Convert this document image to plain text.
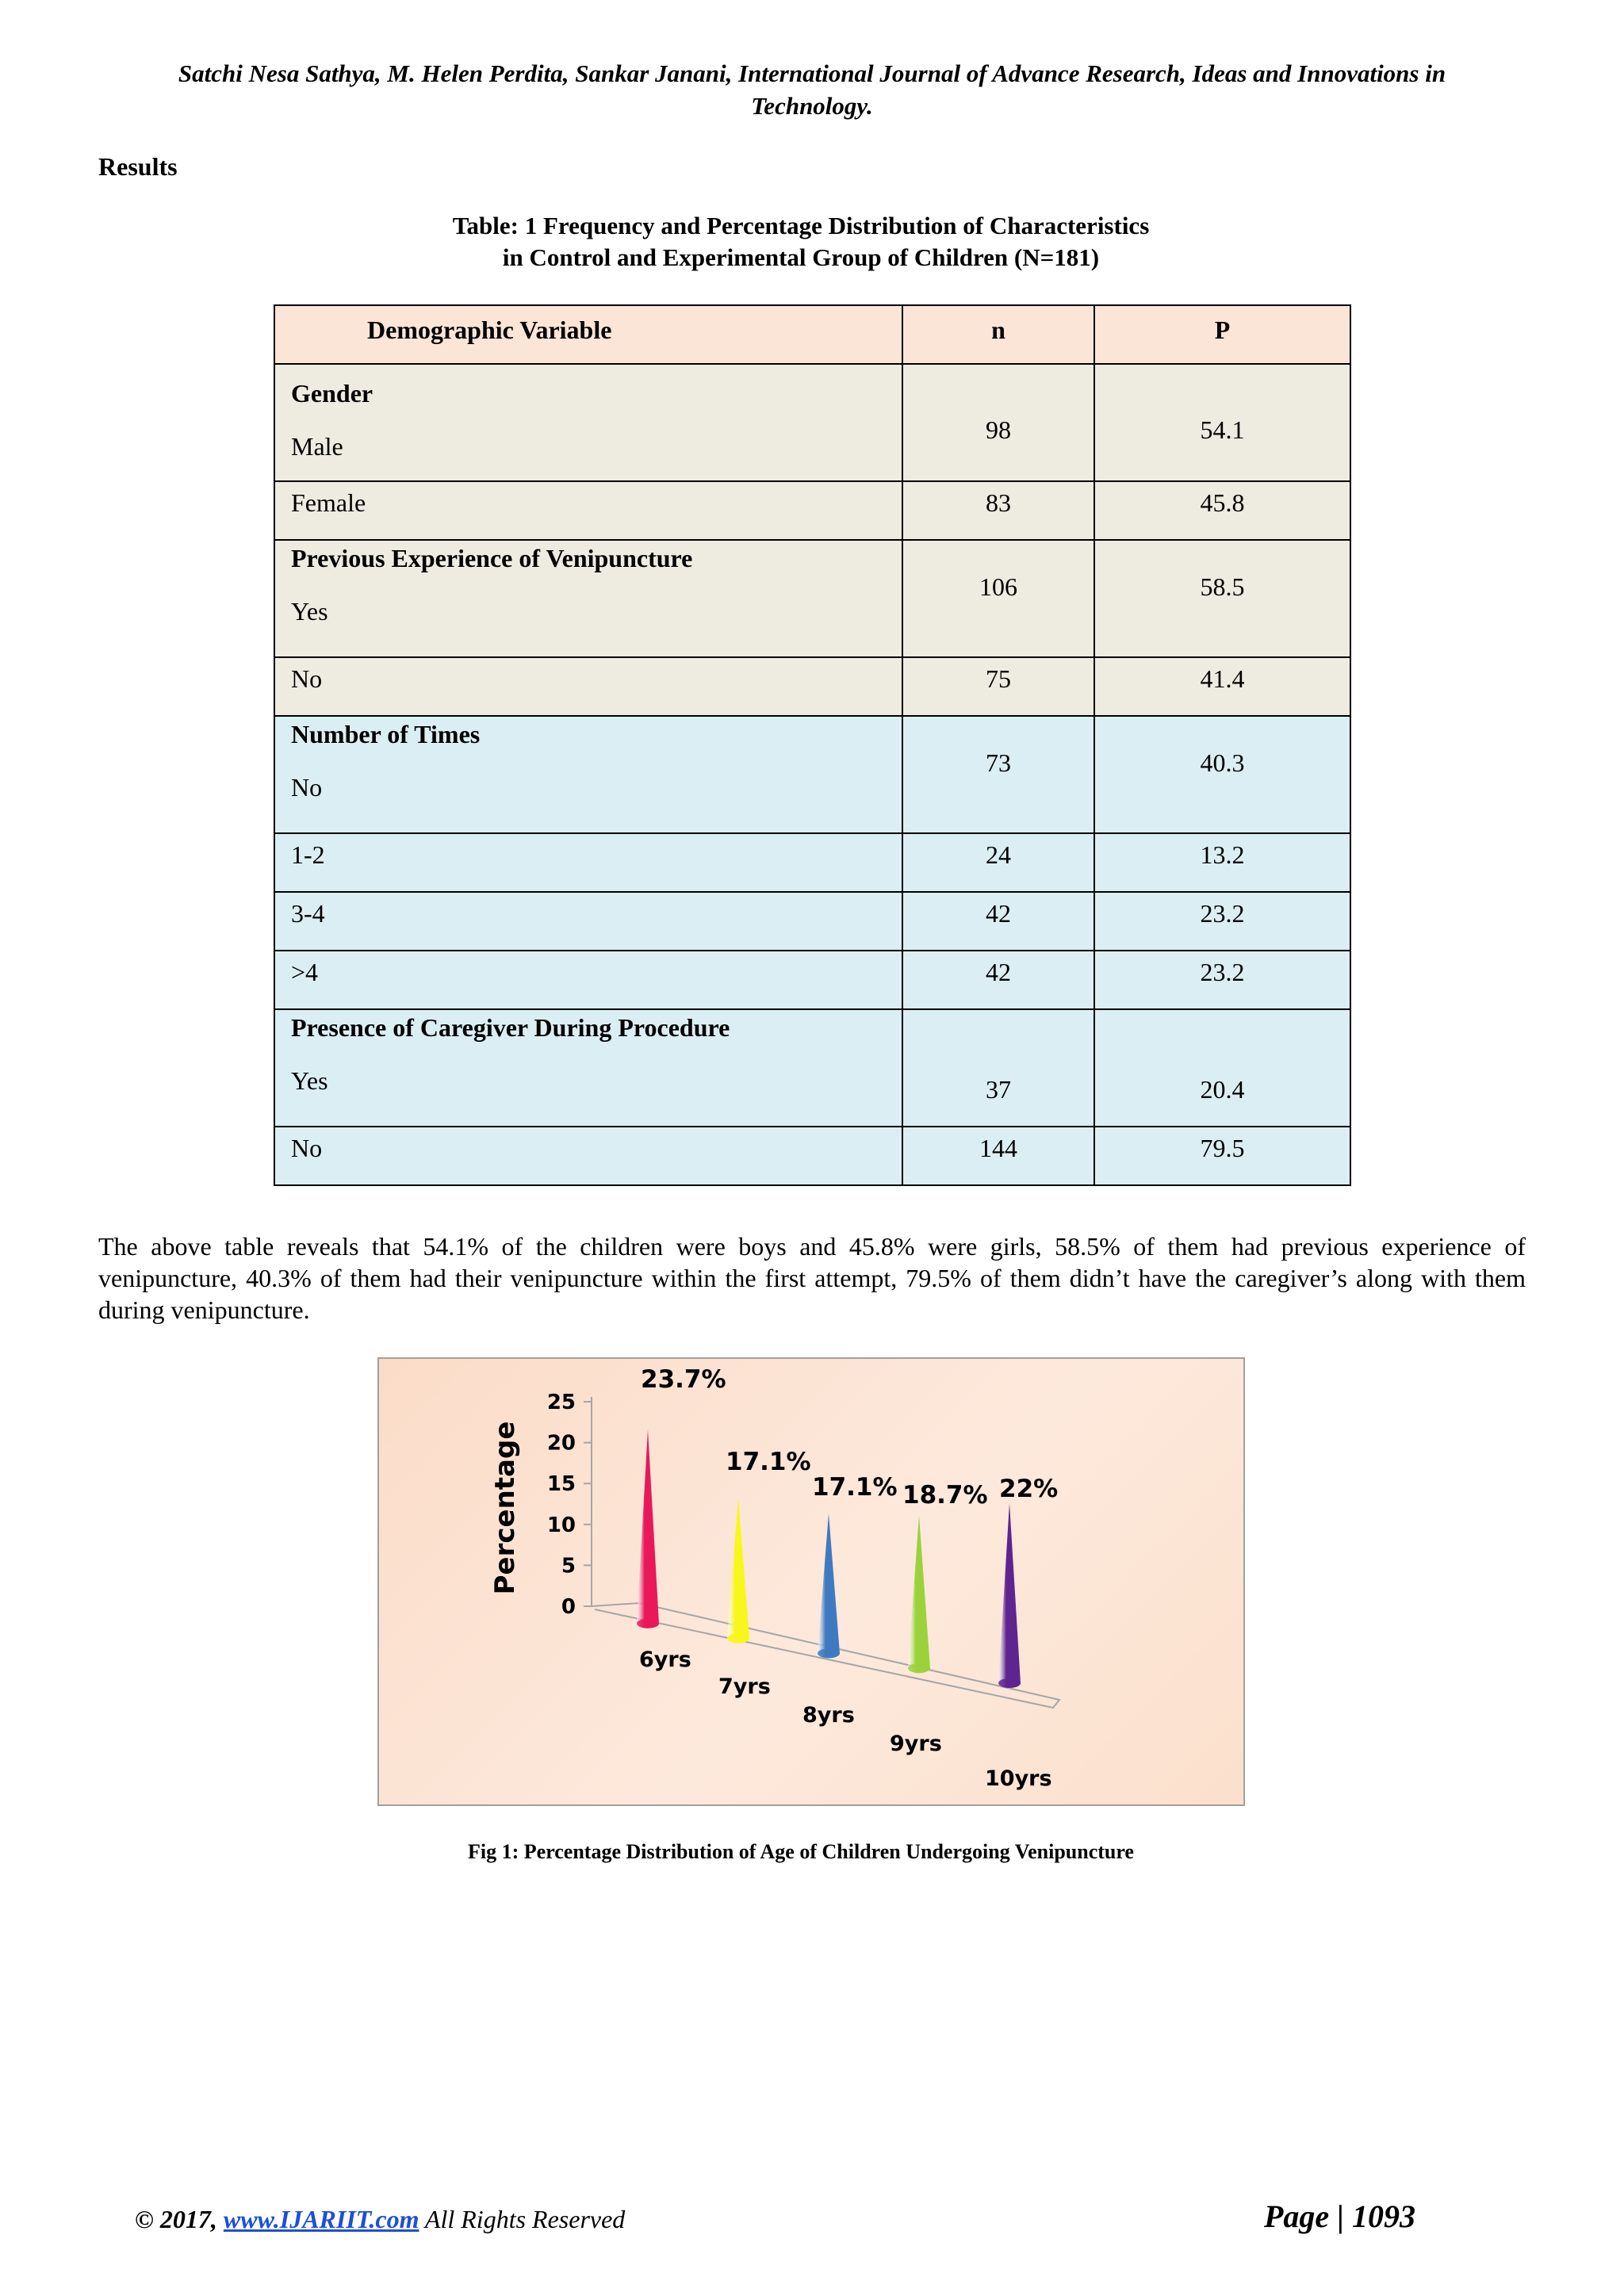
Satchi Nesa Sathya, M. Helen Perdita, Sankar Janani, International Journal of Advance Research, Ideas and Innovations in
Technology.
Results
Table: 1 Frequency and Percentage Distribution of Characteristics
in Control and Experimental Group of Children (N=181)
Demographic Variable	n	P

Gender
Male	98	54.1

Female	83	45.8

Previous Experience of Venipuncture
Yes	106	58.5

No	75	41.4

Number of Times
No	73	40.3

1-2	24	13.2

3-4	42	23.2

>4	42	23.2

Presence of Caregiver During Procedure
Yes	37	20.4

No	144	79.5
The above table reveals that 54.1% of the children were boys and 45.8% were girls, 58.5% of them had previous experience of venipuncture, 40.3% of them had their venipuncture within the first attempt, 79.5% of them didn’t have the caregiver’s along with them during venipuncture.
0
5
10
15
20
25
Percentage
23.7%
6yrs
17.1%
7yrs
17.1%
8yrs
18.7%
9yrs
22%
10yrs
Fig 1: Percentage Distribution of Age of Children Undergoing Venipuncture
© 2017, www.IJARIIT.com All Rights Reserved	Page | 1093
